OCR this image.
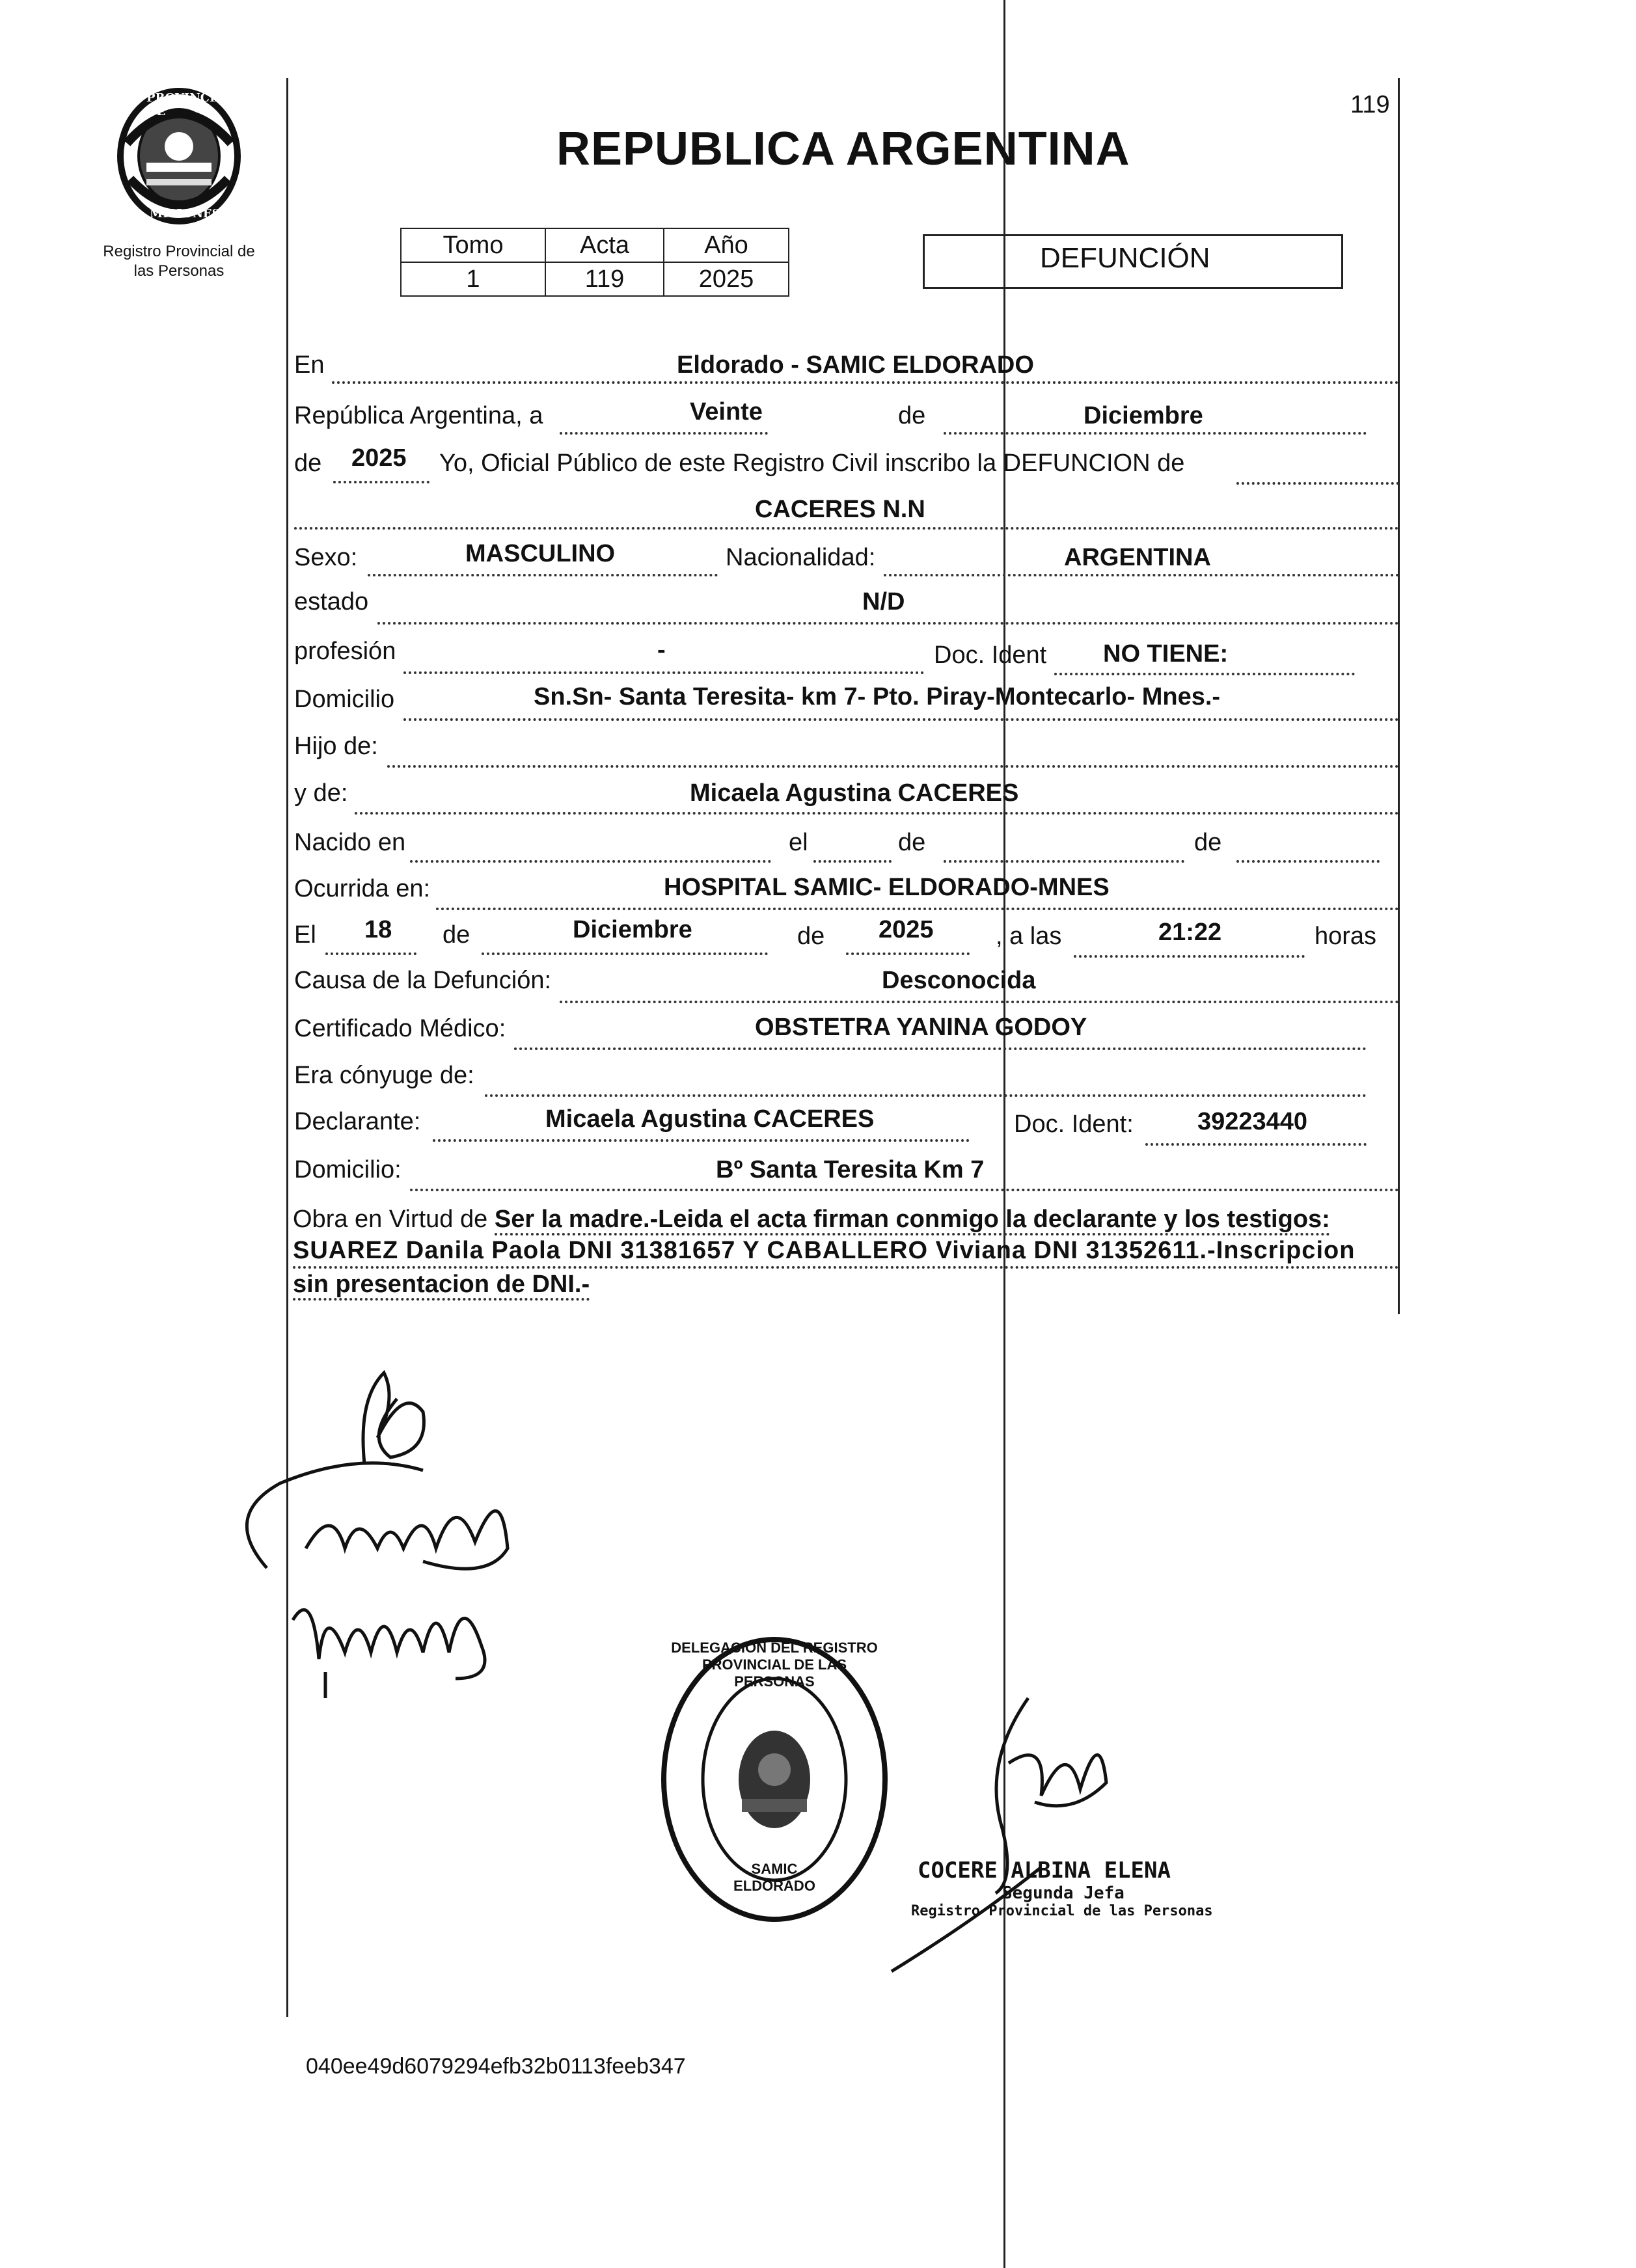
PROVINCIA DE
MISIONES
Registro Provincial de
las Personas
119
REPUBLICA ARGENTINA
Tomo	Acta	Año
1	119	2025
DEFUNCIÓN
En	Eldorado - SAMIC ELDORADO
República Argentina, a	Veinte	de	Diciembre
de 2025 Yo, Oficial Público de este Registro Civil inscribo la DEFUNCION de
CACERES N.N
Sexo:	MASCULINO	Nacionalidad:	ARGENTINA
estado	N/D
profesión	-	Doc. Ident NO TIENE:
Domicilio	Sn.Sn- Santa Teresita- km 7- Pto. Piray-Montecarlo- Mnes.-
Hijo de:
y de:	Micaela Agustina CACERES
Nacido en	el	de	de
Ocurrida en:	HOSPITAL SAMIC- ELDORADO-MNES
El 18 de	Diciembre	de 2025	, a las	21:22	horas
Causa de la Defunción:	Desconocida
Certificado Médico:	OBSTETRA YANINA GODOY
Era cónyuge de:
Declarante:	Micaela Agustina CACERES	Doc. Ident:	39223440
Domicilio:	Bº Santa Teresita Km 7
Obra en Virtud de Ser la madre.-Leida el acta firman conmigo la declarante y los testigos:
SUAREZ Danila Paola DNI 31381657 Y CABALLERO Viviana DNI 31352611.-Inscripcion
sin presentacion de DNI.-
DELEGACION DEL REGISTRO PROVINCIAL DE LAS PERSONAS
SAMIC ELDORADO
COCERE ALBINA ELENA
Segunda Jefa
Registro Provincial de las Personas
040ee49d6079294efb32b0113feeb347
